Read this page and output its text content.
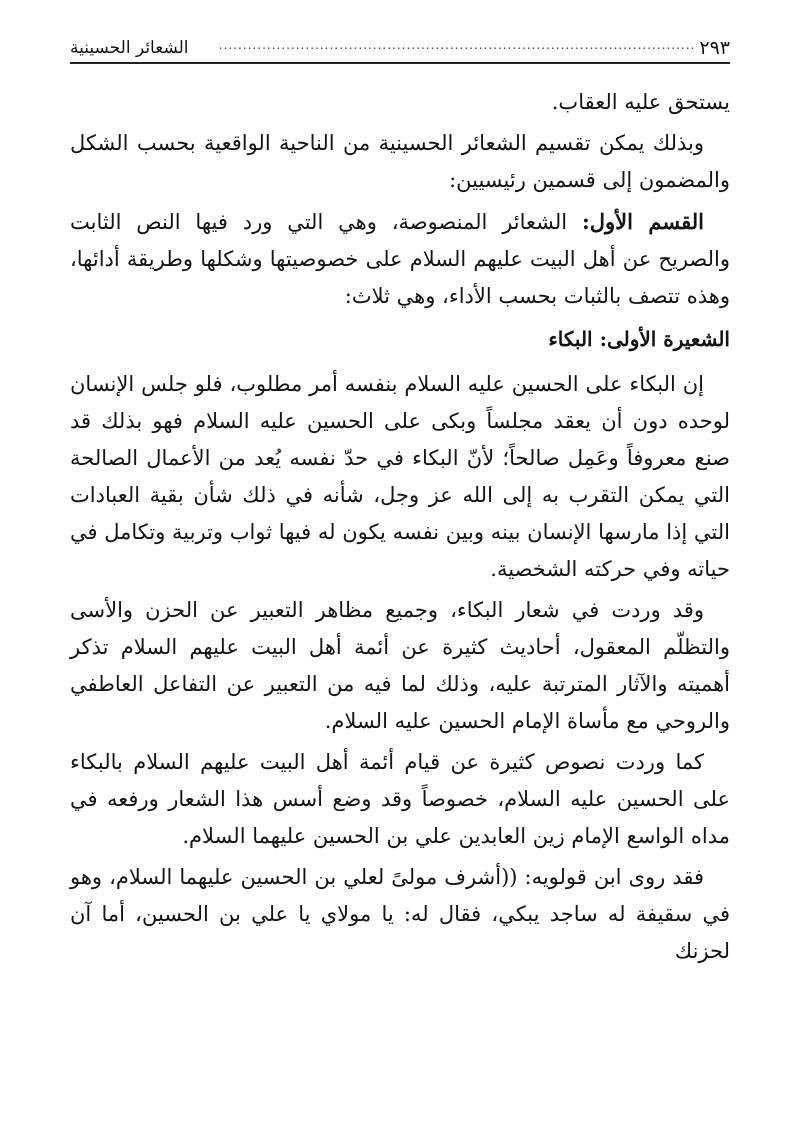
٢٩٣
...................................................................................................
الشعائر الحسينية

يستحق عليه العقاب.

وبذلك يمكن تقسيم الشعائر الحسينية من الناحية الواقعية بحسب الشكل والمضمون إلى قسمين رئيسيين:

القسم الأول: الشعائر المنصوصة، وهي التي ورد فيها النص الثابت والصريح عن أهل البيت عليهم السلام على خصوصيتها وشكلها وطريقة أدائها، وهذه تتصف بالثبات بحسب الأداء، وهي ثلاث:

الشعيرة الأولى: البكاء

إن البكاء على الحسين عليه السلام بنفسه أمر مطلوب، فلو جلس الإنسان لوحده دون أن يعقد مجلساً وبكى على الحسين عليه السلام فهو بذلك قد صنع معروفاً وعَمِل صالحاً؛ لأنّ البكاء في حدّ نفسه يُعد من الأعمال الصالحة التي يمكن التقرب به إلى الله عز وجل، شأنه في ذلك شأن بقية العبادات التي إذا مارسها الإنسان بينه وبين نفسه يكون له فيها ثواب وتربية وتكامل في حياته وفي حركته الشخصية.

وقد وردت في شعار البكاء، وجميع مظاهر التعبير عن الحزن والأسى والتظلّم المعقول، أحاديث كثيرة عن أئمة أهل البيت عليهم السلام تذكر أهميته والآثار المترتبة عليه، وذلك لما فيه من التعبير عن التفاعل العاطفي والروحي مع مأساة الإمام الحسين عليه السلام.

كما وردت نصوص كثيرة عن قيام أئمة أهل البيت عليهم السلام بالبكاء على الحسين عليه السلام، خصوصاً وقد وضع أسس هذا الشعار ورفعه في مداه الواسع الإمام زين العابدين علي بن الحسين عليهما السلام.

فقد روى ابن قولويه: ((أشرف مولىً لعلي بن الحسين عليهما السلام، وهو في سقيفة له ساجد يبكي، فقال له: يا مولاي يا علي بن الحسين، أما آن لحزنك
